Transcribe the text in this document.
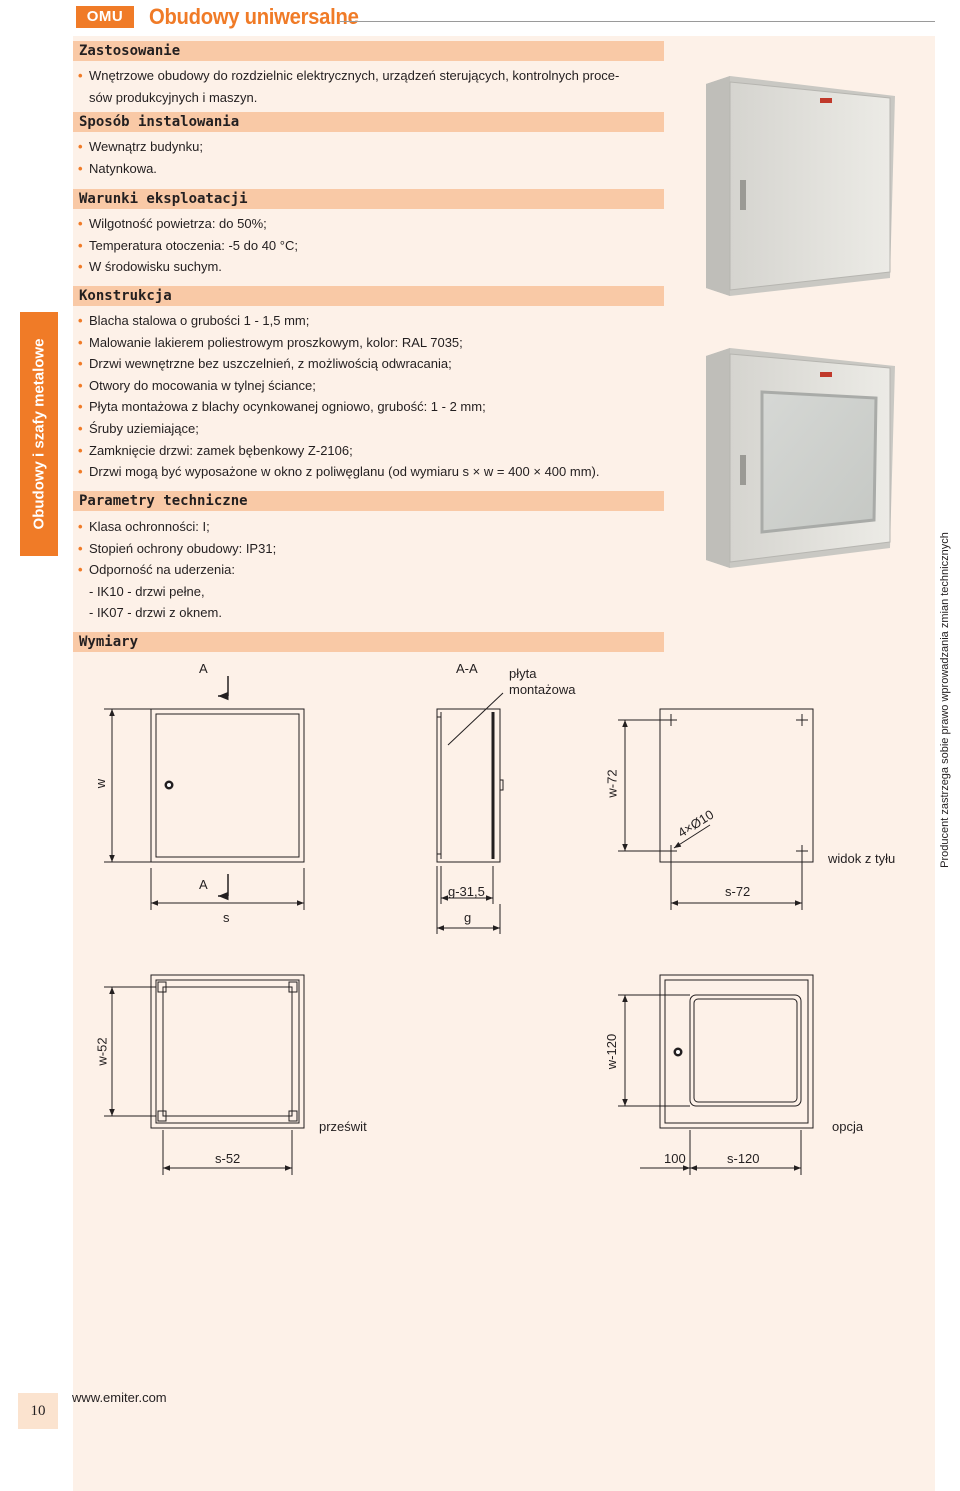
OMU	Obudowy uniwersalne
Obudowy i szafy metalowe
Producent zastrzega sobie prawo wprowadzania zmian technicznych
Zastosowanie
• Wnętrzowe obudowy do rozdzielnic elektrycznych, urządzeń sterujących, kontrolnych proce-
sów produkcyjnych i maszyn.
Sposób instalowania
• Wewnątrz budynku;
• Natynkowa.
Warunki eksploatacji
• Wilgotność powietrza: do 50%;
• Temperatura otoczenia: -5 do 40 °C;
• W środowisku suchym.
Konstrukcja
• Blacha stalowa o grubości 1 - 1,5 mm;
• Malowanie lakierem poliestrowym proszkowym, kolor: RAL 7035;
• Drzwi wewnętrzne bez uszczelnień, z możliwością odwracania;
• Otwory do mocowania w tylnej ściance;
• Płyta montażowa z blachy ocynkowanej ogniowo, grubość: 1 - 2 mm;
• Śruby uziemiające;
• Zamknięcie drzwi: zamek bębenkowy Z-2106;
• Drzwi mogą być wyposażone w okno z poliwęglanu (od wymiaru s × w = 400 × 400 mm).
Parametry techniczne
• Klasa ochronności: I;
• Stopień ochrony obudowy: IP31;
• Odporność na uderzenia:
- IK10 - drzwi pełne,
- IK07 - drzwi z oknem.
Wymiary
A
A
w
s
A-A płyta
montażowa
g-31,5
g
w-72
s-72
4×Ø10
widok z tyłu
w-52
s-52
prześwit
w-120
100	s-120
opcja
10
www.emiter.com
